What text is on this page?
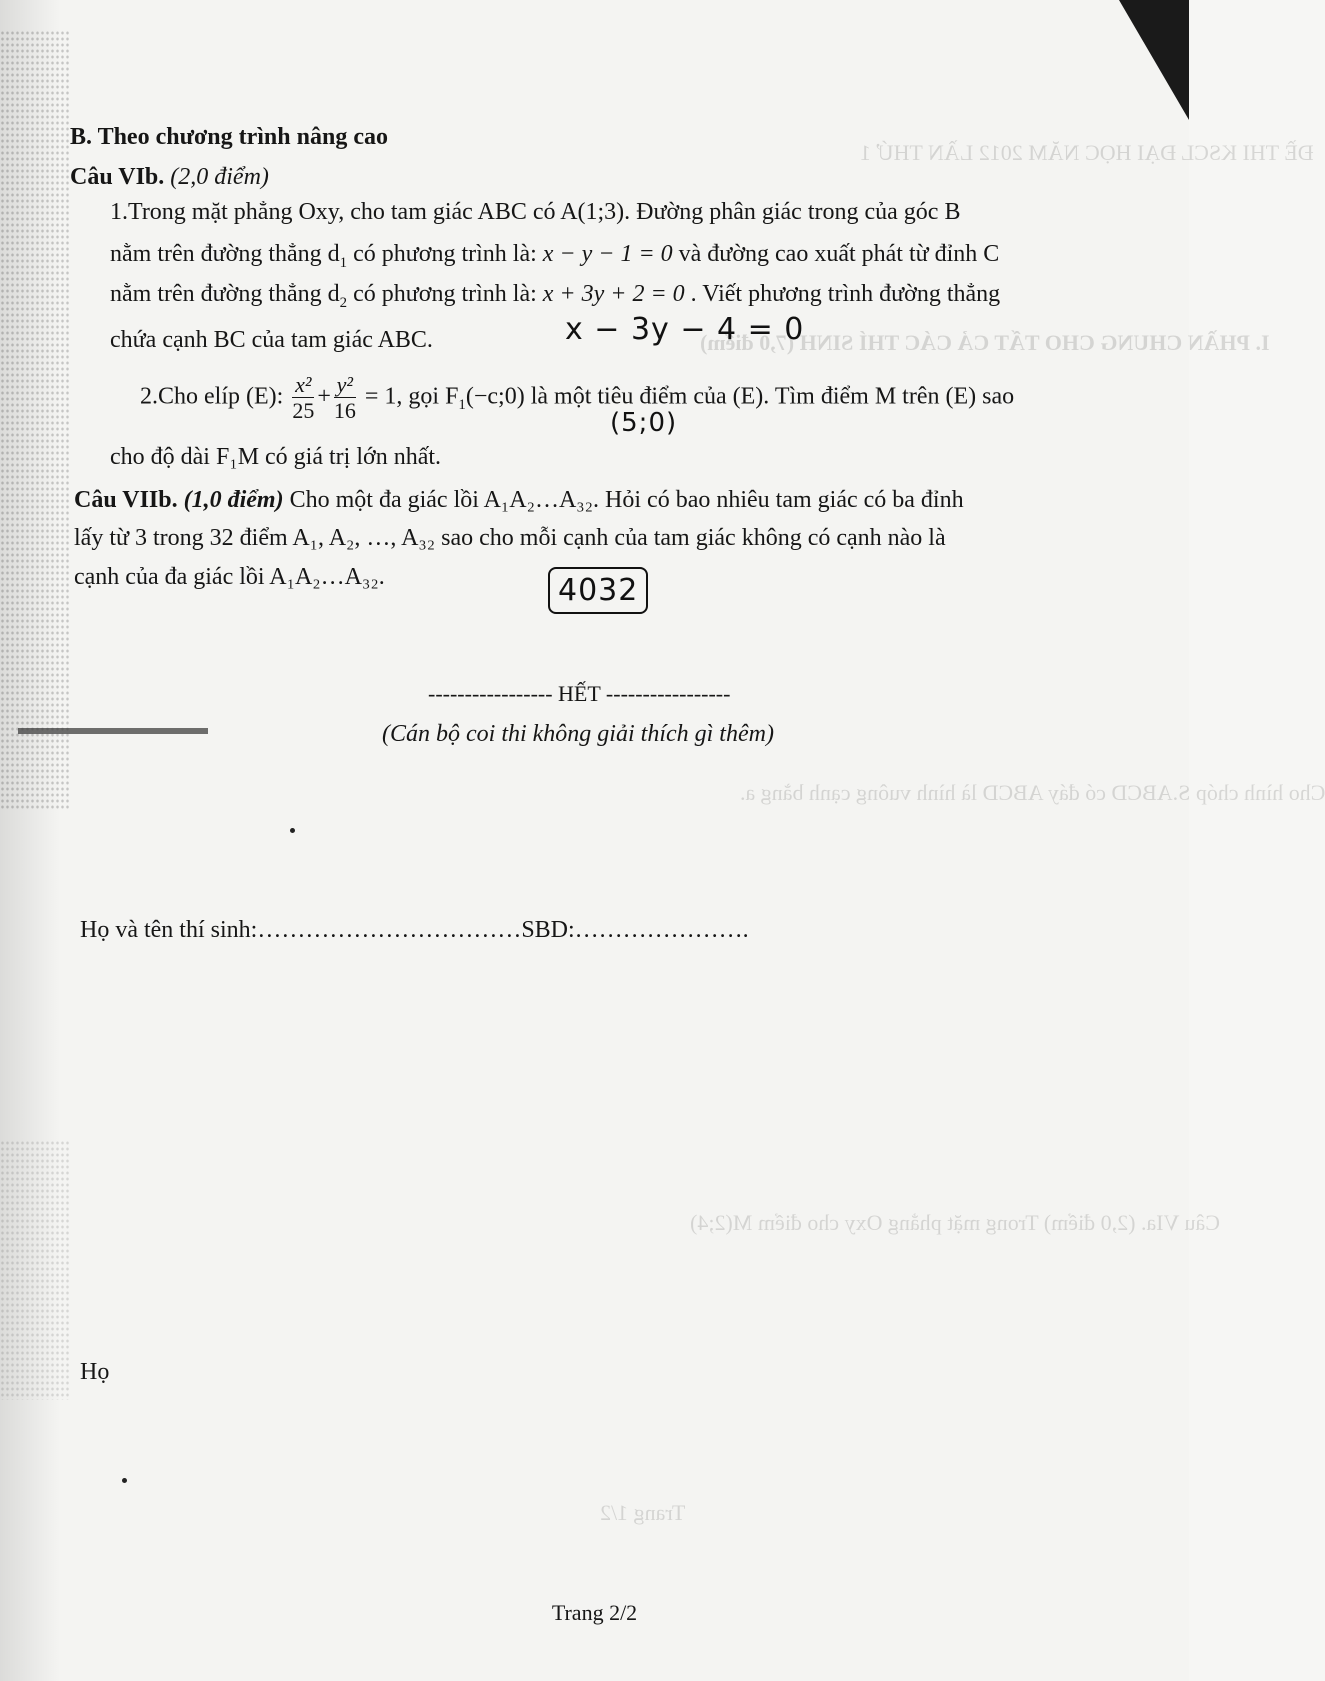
ĐỀ THI KSCL ĐẠI HỌC NĂM 2012 LẦN THỨ 1
I. PHẦN CHUNG CHO TẤT CẢ CÁC THÍ SINH (7,0 điểm)
Cho hình chóp S.ABCD có đáy ABCD là hình vuông cạnh bằng a.
Câu VIa. (2,0 điểm) Trong mặt phẳng Oxy cho điểm M(2;4)
Trang 1/2
B. Theo chương trình nâng cao
Câu VIb. (2,0 điểm)
1.Trong mặt phẳng Oxy, cho tam giác ABC có A(1;3). Đường phân giác trong của góc B
nằm trên đường thẳng $d_1$ có phương trình là: x − y − 1 = 0 và đường cao xuất phát từ đỉnh C
nằm trên đường thẳng $d_2$ có phương trình là: x + 3y + 2 = 0 . Viết phương trình đường thẳng
chứa cạnh BC của tam giác ABC.
2.Cho elíp (E): $\frac{\text{x²}}{25} + \frac{\text{y²}}{16} = 1$, gọi $F_1(-c;0)$ là một tiêu điểm của (E). Tìm điểm M trên (E) sao
cho độ dài F₁M có giá trị lớn nhất.
Câu VIIb. (1,0 điểm) Cho một đa giác lồi A₁A₂…A₃₂. Hỏi có bao nhiêu tam giác có ba đỉnh
lấy từ 3 trong 32 điểm A₁, A₂, …, A₃₂ sao cho mỗi cạnh của tam giác không có cạnh nào là
cạnh của đa giác lồi A₁A₂…A₃₂.
x − 3y − 4 = 0
(5;0)
4032
----------------- HẾT -----------------
(Cán bộ coi thi không giải thích gì thêm)
Họ và tên thí sinh:……………………………SBD:………………….
Họ
Trang 2/2
